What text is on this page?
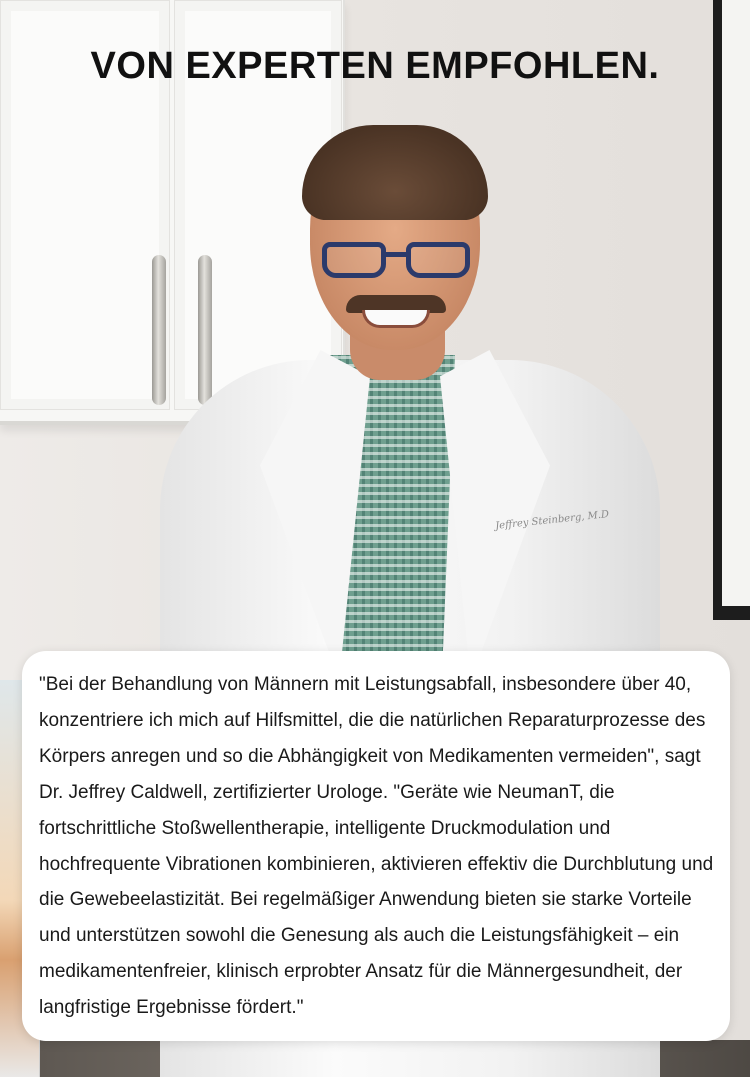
Jeffrey Steinberg, M.D
VON EXPERTEN EMPFOHLEN.

"Bei der Behandlung von Männern mit Leistungsabfall, insbesondere über 40, konzentriere ich mich auf Hilfsmittel, die die natürlichen Reparaturprozesse des Körpers anregen und so die Abhängigkeit von Medikamenten vermeiden", sagt Dr. Jeffrey Caldwell, zertifizierter Urologe. "Geräte wie NeumanT, die fortschrittliche Stoßwellentherapie, intelligente Druckmodulation und hochfrequente Vibrationen kombinieren, aktivieren effektiv die Durchblutung und die Gewebeelastizität. Bei regelmäßiger Anwendung bieten sie starke Vorteile und unterstützen sowohl die Genesung als auch die Leistungsfähigkeit – ein medikamentenfreier, klinisch erprobter Ansatz für die Männergesundheit, der langfristige Ergebnisse fördert."
